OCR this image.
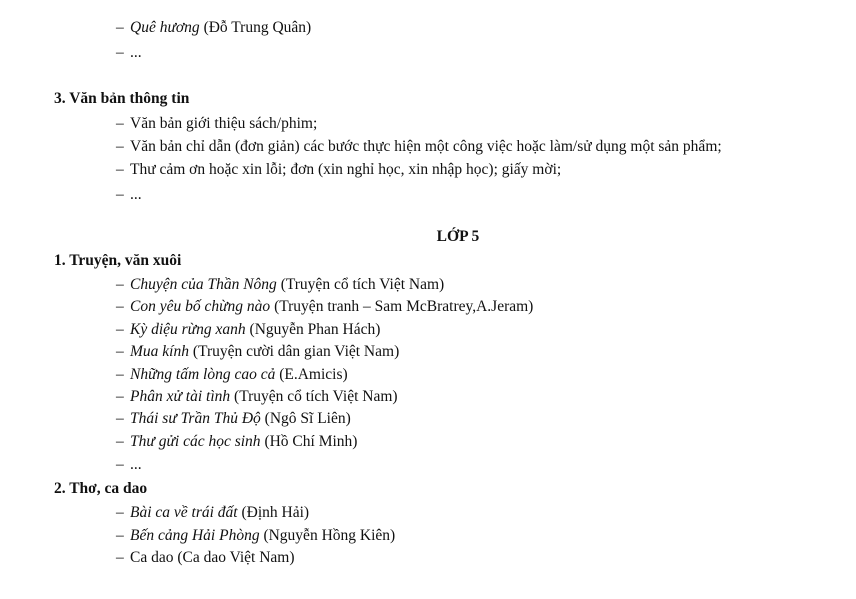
– Quê hương (Đỗ Trung Quân)
– ...
3. Văn bản thông tin
– Văn bản giới thiệu sách/phim;
– Văn bản chỉ dẫn (đơn giản) các bước thực hiện một công việc hoặc làm/sử dụng một sản phẩm;
– Thư cảm ơn hoặc xin lỗi; đơn (xin nghỉ học, xin nhập học); giấy mời;
– ...
LỚP 5
1. Truyện, văn xuôi
– Chuyện của Thần Nông (Truyện cổ tích Việt Nam)
– Con yêu bố chừng nào (Truyện tranh – Sam McBratrey,A.Jeram)
– Kỳ diệu rừng xanh (Nguyễn Phan Hách)
– Mua kính (Truyện cười dân gian Việt Nam)
– Những tấm lòng cao cả (E.Amicis)
– Phân xử tài tình (Truyện cổ tích Việt Nam)
– Thái sư Trần Thủ Độ (Ngô Sĩ Liên)
– Thư gửi các học sinh (Hồ Chí Minh)
– ...
2. Thơ, ca dao
– Bài ca về trái đất (Định Hải)
– Bến cảng Hải Phòng (Nguyễn Hồng Kiên)
– Ca dao (Ca dao Việt Nam)
